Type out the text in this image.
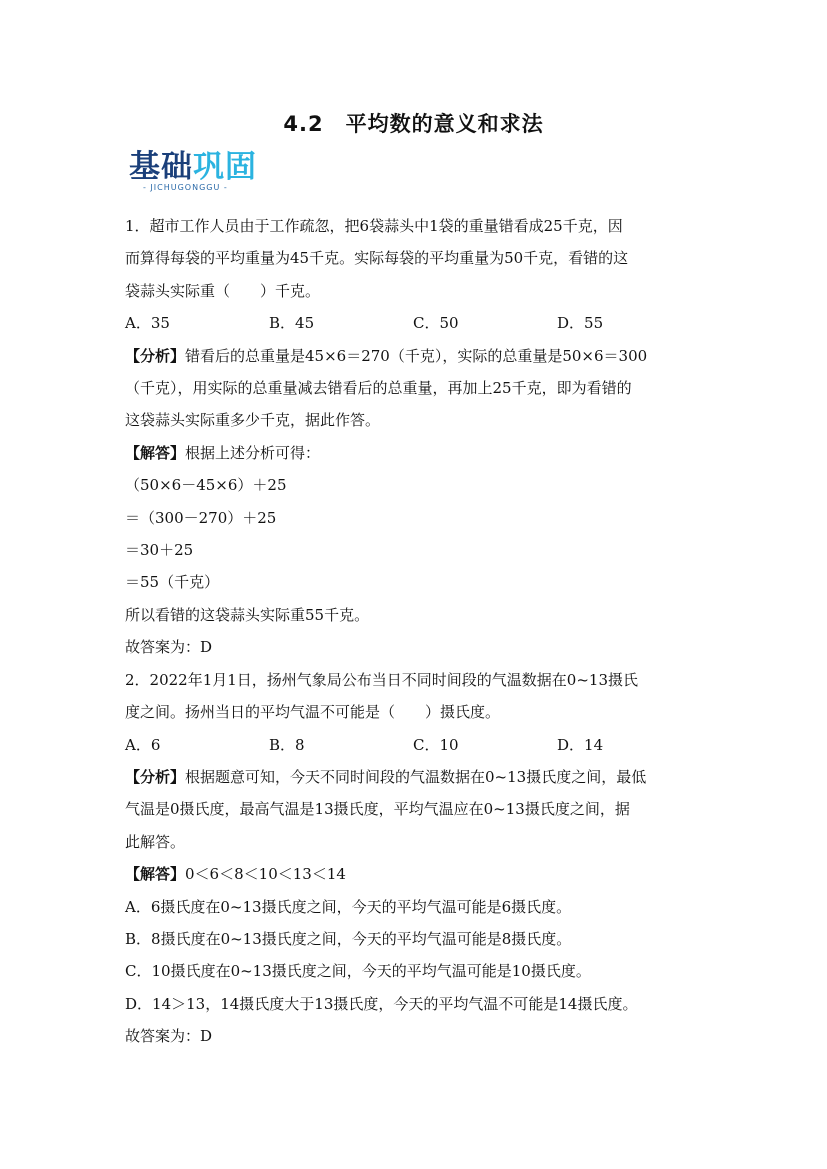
4.2　平均数的意义和求法
基础巩固
- JICHUGONGGU -

1．超市工作人员由于工作疏忽，把6袋蒜头中1袋的重量错看成25千克，因

而算得每袋的平均重量为45千克。实际每袋的平均重量为50千克，看错的这

袋蒜头实际重（　　）千克。

A．35	B．45	C．50	D．55

【分析】错看后的总重量是45×6＝270（千克），实际的总重量是50×6＝300

（千克），用实际的总重量减去错看后的总重量，再加上25千克，即为看错的

这袋蒜头实际重多少千克，据此作答。

【解答】根据上述分析可得：

（50×6－45×6）＋25

＝（300－270）＋25

＝30＋25

＝55（千克）

所以看错的这袋蒜头实际重55千克。

故答案为：D

2．2022年1月1日，扬州气象局公布当日不同时间段的气温数据在0~13摄氏

度之间。扬州当日的平均气温不可能是（　　）摄氏度。

A．6	B．8	C．10	D．14

【分析】根据题意可知，今天不同时间段的气温数据在0~13摄氏度之间，最低

气温是0摄氏度，最高气温是13摄氏度，平均气温应在0~13摄氏度之间，据

此解答。

【解答】0＜6＜8＜10＜13＜14

A．6摄氏度在0~13摄氏度之间，今天的平均气温可能是6摄氏度。

B．8摄氏度在0~13摄氏度之间，今天的平均气温可能是8摄氏度。

C．10摄氏度在0~13摄氏度之间，今天的平均气温可能是10摄氏度。

D．14＞13，14摄氏度大于13摄氏度，今天的平均气温不可能是14摄氏度。

故答案为：D
